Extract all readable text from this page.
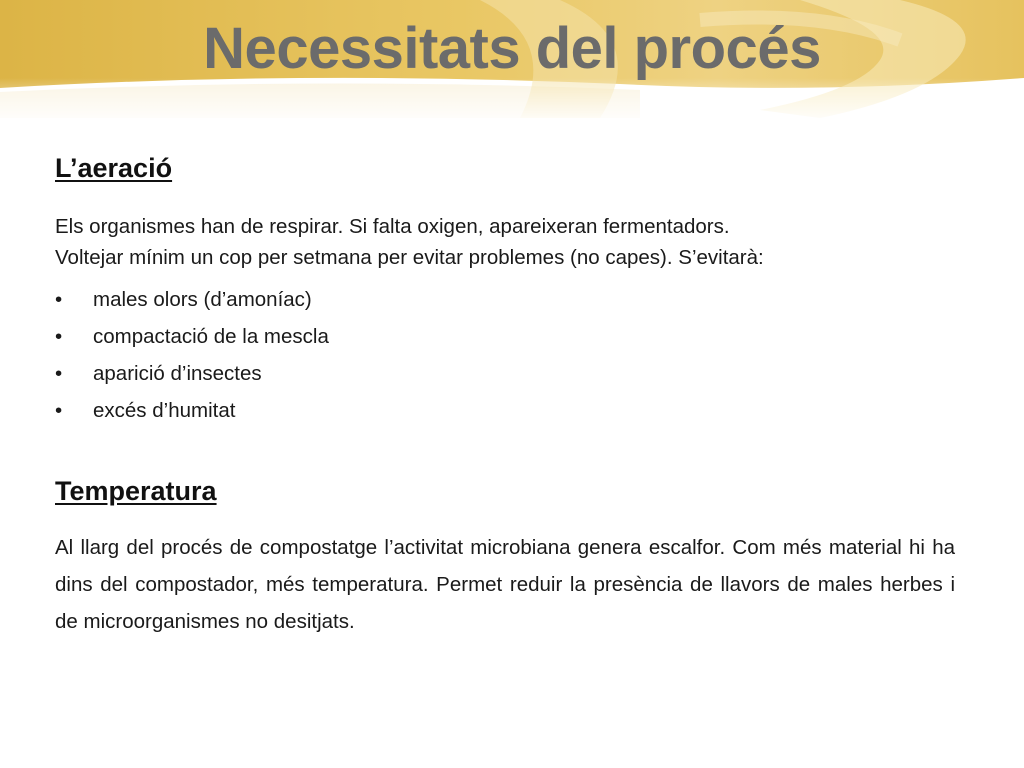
Necessitats del procés
L’aeració

Els organismes han de respirar. Si falta oxigen, apareixeran fermentadors.

Voltejar mínim un cop per setmana per evitar problemes (no capes). S’evitarà:

• males olors (d’amoníac)
• compactació de la mescla
• aparició d’insectes
• excés d’humitat
Temperatura

Al llarg del procés de compostatge l’activitat microbiana genera escalfor. Com més material hi ha dins del compostador, més temperatura. Permet reduir la presència de llavors de males herbes i de microorganismes no desitjats.
